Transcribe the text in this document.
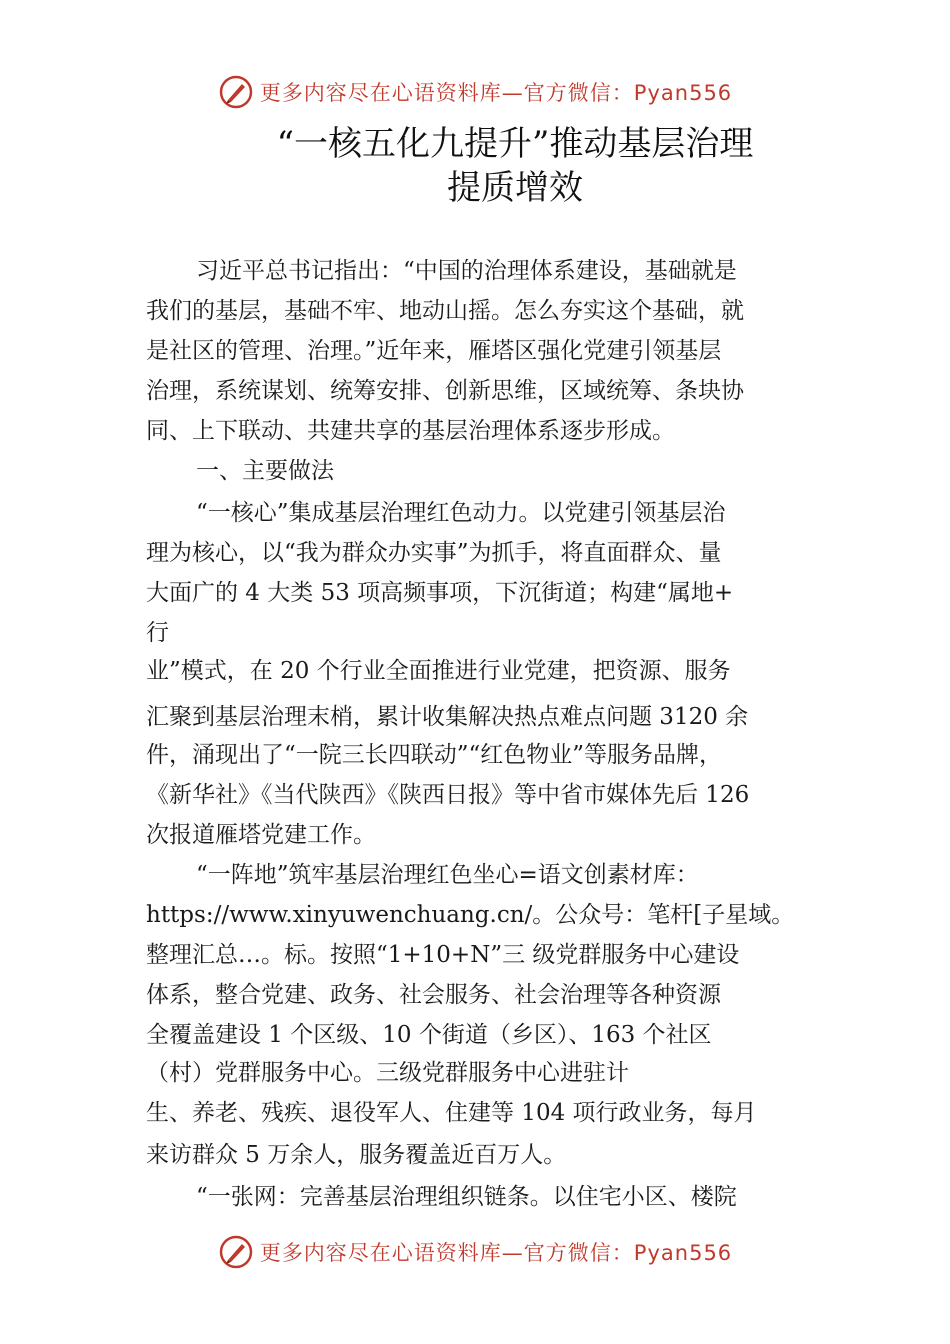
更多内容尽在心语资料库—官方微信：Pyan556
“一核五化九提升”推动基层治理
提质增效
习近平总书记指出：“中国的治理体系建设，基础就是
我们的基层，基础不牢、地动山摇。怎么夯实这个基础，就
是社区的管理、治理。”近年来，雁塔区强化党建引领基层
治理，系统谋划、统筹安排、创新思维，区域统筹、条块协
同、上下联动、共建共享的基层治理体系逐步形成。
一、主要做法
“一核心”集成基层治理红色动力。以党建引领基层治
理为核心，以“我为群众办实事”为抓手，将直面群众、量
大面广的 4 大类 53 项高频事项，下沉街道；构建“属地+
行
业”模式，在 20 个行业全面推进行业党建，把资源、服务
汇聚到基层治理末梢，累计收集解决热点难点问题 3120 余
件，涌现出了“一院三长四联动”“红色物业”等服务品牌，
《新华社》《当代陕西》《陕西日报》等中省市媒体先后 126
次报道雁塔党建工作。
“一阵地”筑牢基层治理红色坐心=语文创素材库：
https://www.xinyuwenchuang.cn/。公众号：笔杆[子星域。
整理汇总…。标。按照“1+10+N”三 级党群服务中心建设
体系，整合党建、政务、社会服务、社会治理等各种资源
全覆盖建设 1 个区级、10 个街道（⁠乡区）、163 个社区
（村）党群服务中心。三级党群服务中心进驻计
生、养老、残疾、退役军人、住建等 104 项行政业务，每月
来访群众 5 万余人，服务覆盖近百万人。
“一张网：完善基层治理组织链条。以住宅小区、楼院
更多内容尽在心语资料库—官方微信：Pyan556
